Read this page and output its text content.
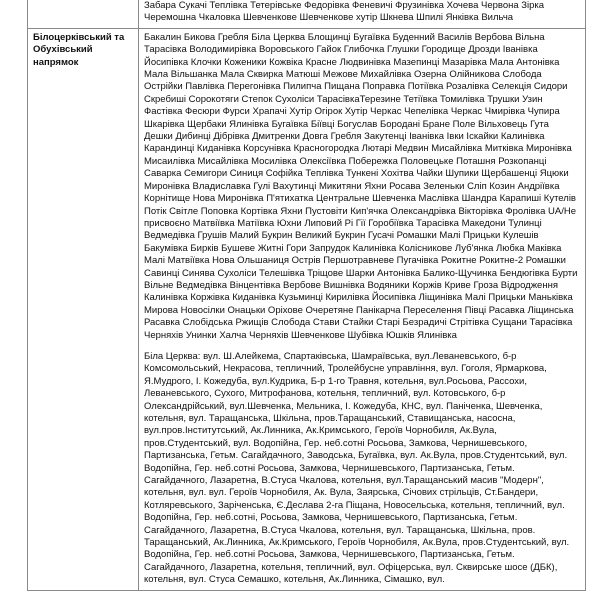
	Забара Сукачі Теплівка Тетерівське Федорівка Феневичі Фрузинівка Хочева Червона Зірка Черемошна Чкаловка Шевченкове Шевченкове хутір Шкнева Шпилі Янківка Вильча

Білоцерківський та Обухівський напрямок	Бакалин Бикова Гребля Біла Церква Блощинці Бугаївка Буденний Василів Вербова Вільна Тарасівка Володимирівка Воровського Гайок Глибочка Глушки Городище Дрозди Іванівка Йосипівка Клочки Коженики Кожвіка Красне Людвинівка Мазепинці Мазарівка Мала Антонівка Мала Вільшанка Мала Сквирка Матюші Межове Михайлівка Озерна Олійникова Слобода Острійки Павлівка Перегонівка Пилипча Пищана Поправка Потіївка Розалівка Селекція Сидори Скребиші Сорокотяги Степок Сухоліси ТарасівкаТерезине Тетіївка Томилівка Трушки Узин Фастівка Фесюри Фурси Храпачі Хутір Огірок Хутір Черкас Чепелівка Черкас Чмирівка Чупира Шкарівка Щербаки Ялинівка Бугаївка Біївці Богуслав Бородані Бране Поле Вільховець Гута Дешки Дибинці Дібрівка Дмитренки Довга Гребля Закутенці Іванівка Івки Іскайки Калинівка Карандинці Киданівка Корсунівка Красногородка Лютарі Медвин Мисайлівка Митківка Миронівка Мисаилівка Мисайлівка Мосилівка Олексіївка Побережка Половецьке Поташня Розкопанці Саварка Семигори Синиця Софійка Теплівка Тункені Хохітва Чайки Шупики Щербашенці Яцюки Миронівка Владиславка Гулі Вахутинці Микитяни Яхни Росава Зеленьки Сліп Козин Андріївка Корнітище Нова Миронівка П'ятихатка Центральне Шевченка Маслівка Шандра Карапиші Кутелів Потік Світле Поповка Кортівка Яхни Пустовіти Кип'ячка Олександрівка Вікторівка Фролівка UA/He присвоєно Матвіївка Матіївка Юхни Липовий Рі Гії Горобіївка Тарасівка Македони Тулинці Ведмедівка Грушів Малий Букрин Великий Букрин Гусачі Ромашки Малі Прицьки Кулешів Бакумівка Бирків Бушеве Житні Гори Запрудок Калинівка Колісникове Луб'янка Любка Маківка Малі Матвіївка Нова Ольшаниця Острів Першотравневе Пугачівка Рокитне Рокитне-2 Ромашки Савинці Синява Сухоліси Телешівка Тріщове Шарки Антонівка Балико-Щучинка Бендюгівка Бурти Вільне Ведмедівка Вінцентівка Вербове Вишнівка Водяники Коржів Криве Гроза Відродження Калинівка Коржівка Киданівка Кузьминці Кирилівка Йосипівка Ліщинівка Малі Прицьки Маньківка Мирова Новосілки Онацьки Оріхове Очеретяне Панікарча Переселення Півці Расавка Ліщинська Расавка Слобідська Ржищів Слобода Стави Стайки Старі Безрадичі Стрітівка Сущани Тарасівка Черняхів Унинки Халча Черняхів Шевченкове Шубівка Юшків Ялинівка

Біла Церква: вул. Ш.Алейкема, Спартаківська, Шамраївська, вул.Леваневського, б-р Комсомольський, Некрасова, тепличний, Тролейбусне управління, вул. Гоголя, Ярмаркова, Я.Мудрого, І. Кожедуба, вул.Кудрика, Б-р 1-го Травня, котельня, вул.Росьова, Рассохи, Леваневського, Сухого, Митрофанова, котельня, тепличний, вул. Котовського, б-р Олександрійський, вул.Шевченка, Мельника, І. Кожедуба, КНС, вул. Паніченка, Шевченка, котельня, вул. Таращанська, Шкільна, пров.Таращанський, Ставищанська, насосна, вул.пров.Інститутський, Ак.Линника, Ак.Кримського, Героїв Чорнобиля, Ак.Вула, пров.Студентський, вул. Водопійна, Гер. неб.сотні Росьова, Замкова, Чернишевського, Партизанська, Гетьм. Сагайдачного, Заводська, Бугаївка, вул. Ак.Вула, пров.Студентський, вул. Водопійна, Гер. неб.сотні Росьова, Замкова, Чернишевського, Партизанська, Гетьм. Сагайдачного, Лазаретна, В.Стуса Чкалова, котельня, вул.Таращанський масив "Модерн", котельня, вул. вул. Героїв Чорнобиля, Ак. Вула, Заярська, Січових стрільців, Ст.Бандери, Котляревського, Заріченська, Є.Деслава 2-га Піщана, Новосельська, котельня, тепличний, вул. Водопійна, Гер. неб.сотні, Росьова, Замкова, Чернишевського, Партизанська, Гетьм. Сагайдачного, Лазаретна, В.Стуса Чкалова, котельня, вул. Таращанська, Шкільна, пров. Таращанський, Ак.Линника, Ак.Кримського, Героїв Чорнобиля, Ак.Вула, пров.Студентський, вул. Водопійна, Гер. неб.сотні Росьова, Замкова, Чернишевського, Партизанська, Гетьм. Сагайдачного, Лазаретна, котельня, тепличний, вул. Офіцерська, вул. Сквирське шосе (ДБК), котельня, вул. Стуса Семашко, котельня, Ак.Линника, Сімашко, вул.
